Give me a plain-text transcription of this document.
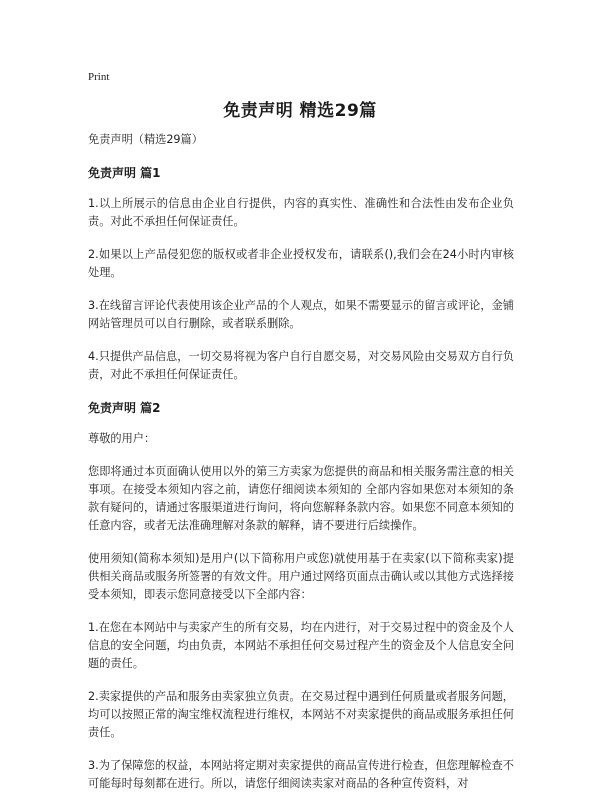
Print
免责声明 精选29篇

免责声明（精选29篇）

免责声明 篇1

1.以上所展示的信息由企业自行提供，内容的真实性、准确性和合法性由发布企业负责。对此不承担任何保证责任。

2.如果以上产品侵犯您的版权或者非企业授权发布，请联系(),我们会在24小时内审核处理。

3.在线留言评论代表使用该企业产品的个人观点，如果不需要显示的留言或评论，金铺网站管理员可以自行删除，或者联系删除。

4.只提供产品信息，一切交易将视为客户自行自愿交易，对交易风险由交易双方自行负责，对此不承担任何保证责任。

免责声明 篇2

尊敬的用户：

您即将通过本页面确认使用以外的第三方卖家为您提供的商品和相关服务需注意的相关事项。在接受本须知内容之前，请您仔细阅读本须知的 全部内容如果您对本须知的条款有疑问的，请通过客服渠道进行询问，将向您解释条款内容。如果您不同意本须知的任意内容，或者无法准确理解对条款的解释，请不要进行后续操作。

使用须知(简称本须知)是用户(以下简称用户或您)就使用基于在卖家(以下简称卖家)提供相关商品或服务所签署的有效文件。用户通过网络页面点击确认或以其他方式选择接受本须知，即表示您同意接受以下全部内容：

1.在您在本网站中与卖家产生的所有交易，均在内进行，对于交易过程中的资金及个人信息的安全问题，均由负责，本网站不承担任何交易过程产生的资金及个人信息安全问题的责任。

2.卖家提供的产品和服务由卖家独立负责。在交易过程中遇到任何质量或者服务问题，均可以按照正常的淘宝维权流程进行维权，本网站不对卖家提供的商品或服务承担任何责任。

3.为了保障您的权益，本网站将定期对卖家提供的商品宣传进行检查，但您理解检查不可能每时每刻都在进行。所以，请您仔细阅读卖家对商品的各种宣传资料，对
